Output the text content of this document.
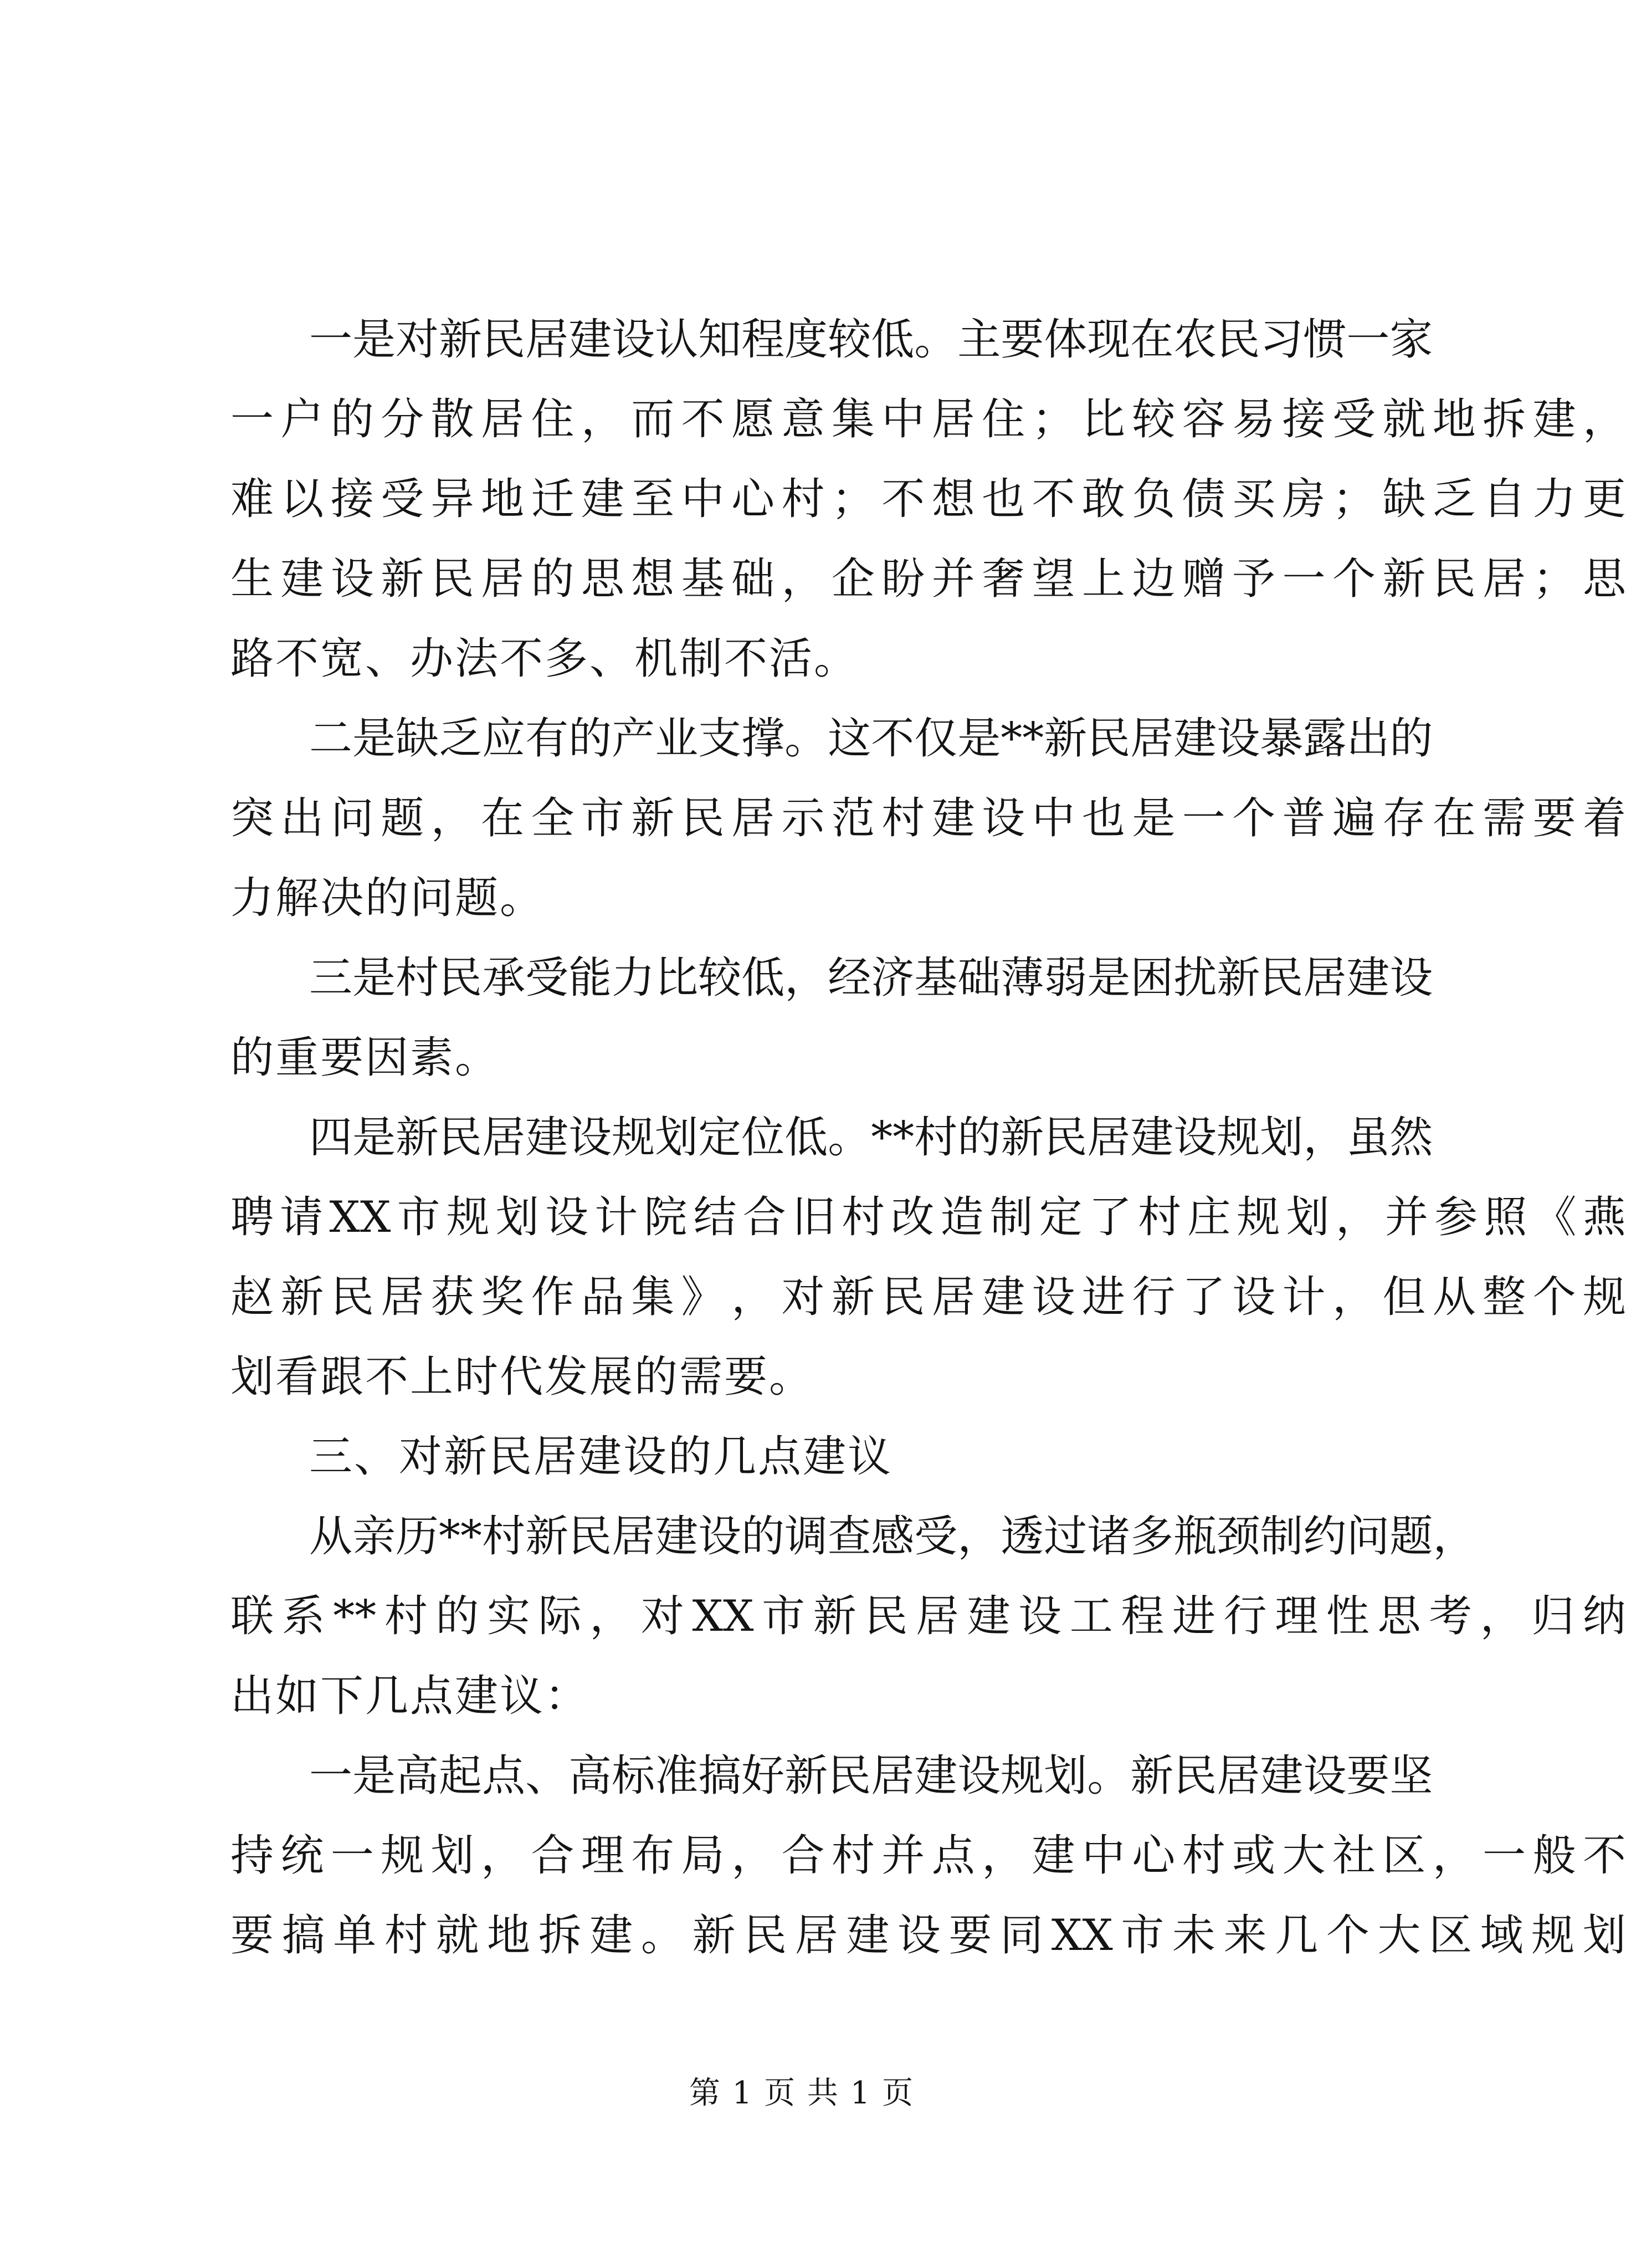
一 是 对 新 民 居 建 设 认 知 程 度 较 低 。 主 要 体 现 在 农 民 习 惯 一 家
一 户 的 分 散 居 住 ， 而 不 愿 意 集 中 居 住 ； 比 较 容 易 接 受 就 地 拆 建 ，
难 以 接 受 异 地 迁 建 至 中 心 村 ； 不 想 也 不 敢 负 债 买 房 ； 缺 乏 自 力 更
生 建 设 新 民 居 的 思 想 基 础 ， 企 盼 并 奢 望 上 边 赠 予 一 个 新 民 居 ； 思
路不宽、办法不多、机制不活。
二 是 缺 乏 应 有 的 产 业 支 撑 。 这 不 仅 是 ** 新 民 居 建 设 暴 露 出 的
突 出 问 题 ， 在 全 市 新 民 居 示 范 村 建 设 中 也 是 一 个 普 遍 存 在 需 要 着
力解决的问题。
三 是 村 民 承 受 能 力 比 较 低 ， 经 济 基 础 薄 弱 是 困 扰 新 民 居 建 设
的重要因素。
四 是 新 民 居 建 设 规 划 定 位 低 。 ** 村 的 新 民 居 建 设 规 划 ， 虽 然
聘 请 XX 市 规 划 设 计 院 结 合 旧 村 改 造 制 定 了 村 庄 规 划 ， 并 参 照 《 燕
赵 新 民 居 获 奖 作 品 集 》 ， 对 新 民 居 建 设 进 行 了 设 计 ， 但 从 整 个 规
划看跟不上时代发展的需要。
三、对新民居建设的几点建议
从 亲 历 ** 村 新 民 居 建 设 的 调 查 感 受 ， 透 过 诸 多 瓶 颈 制 约 问 题 ，
联 系 ** 村 的 实 际 ， 对 XX 市 新 民 居 建 设 工 程 进 行 理 性 思 考 ， 归 纳
出如下几点建议：
一 是 高 起 点 、 高 标 准 搞 好 新 民 居 建 设 规 划 。 新 民 居 建 设 要 坚
持 统 一 规 划 ， 合 理 布 局 ， 合 村 并 点 ， 建 中 心 村 或 大 社 区 ， 一 般 不
要 搞 单 村 就 地 拆 建 。 新 民 居 建 设 要 同 XX 市 未 来 几 个 大 区 域 规 划
第 1 页 共 1 页
